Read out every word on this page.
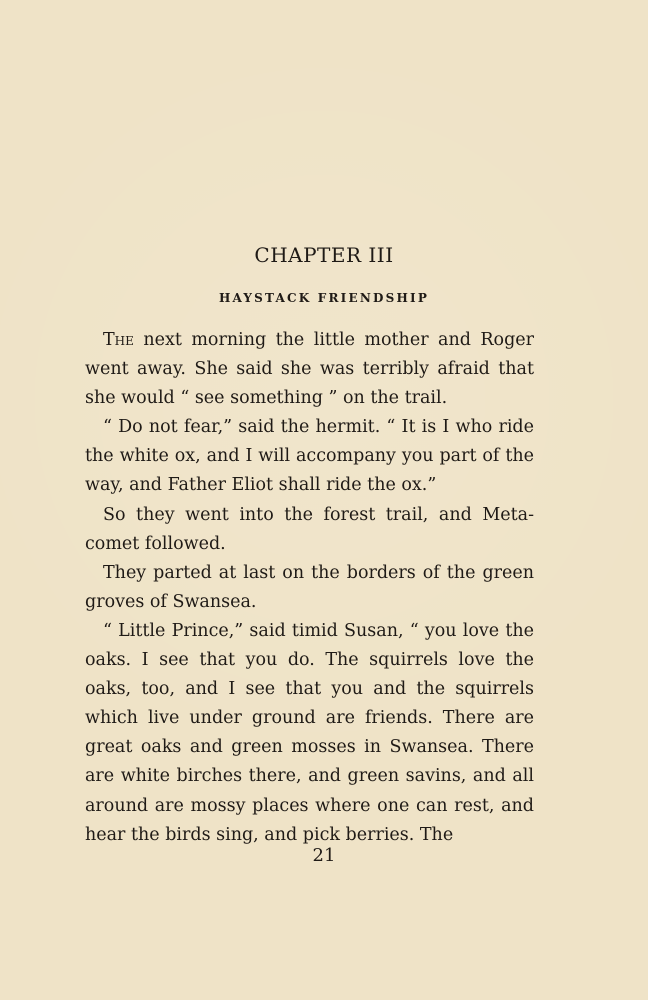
CHAPTER III
HAYSTACK FRIENDSHIP

The next morning the little mother and Roger went away. She said she was terribly afraid that she would “ see something ” on the trail.

“ Do not fear,” said the hermit. “ It is I who ride the white ox, and I will accompany you part of the way, and Father Eliot shall ride the ox.”

So they went into the forest trail, and Meta-comet followed.

They parted at last on the borders of the green groves of Swansea.

“ Little Prince,” said timid Susan, “ you love the oaks. I see that you do. The squirrels love the oaks, too, and I see that you and the squirrels which live under ground are friends. There are great oaks and green mosses in Swansea. There are white birches there, and green savins, and all around are mossy places where one can rest, and hear the birds sing, and pick berries. The

21
